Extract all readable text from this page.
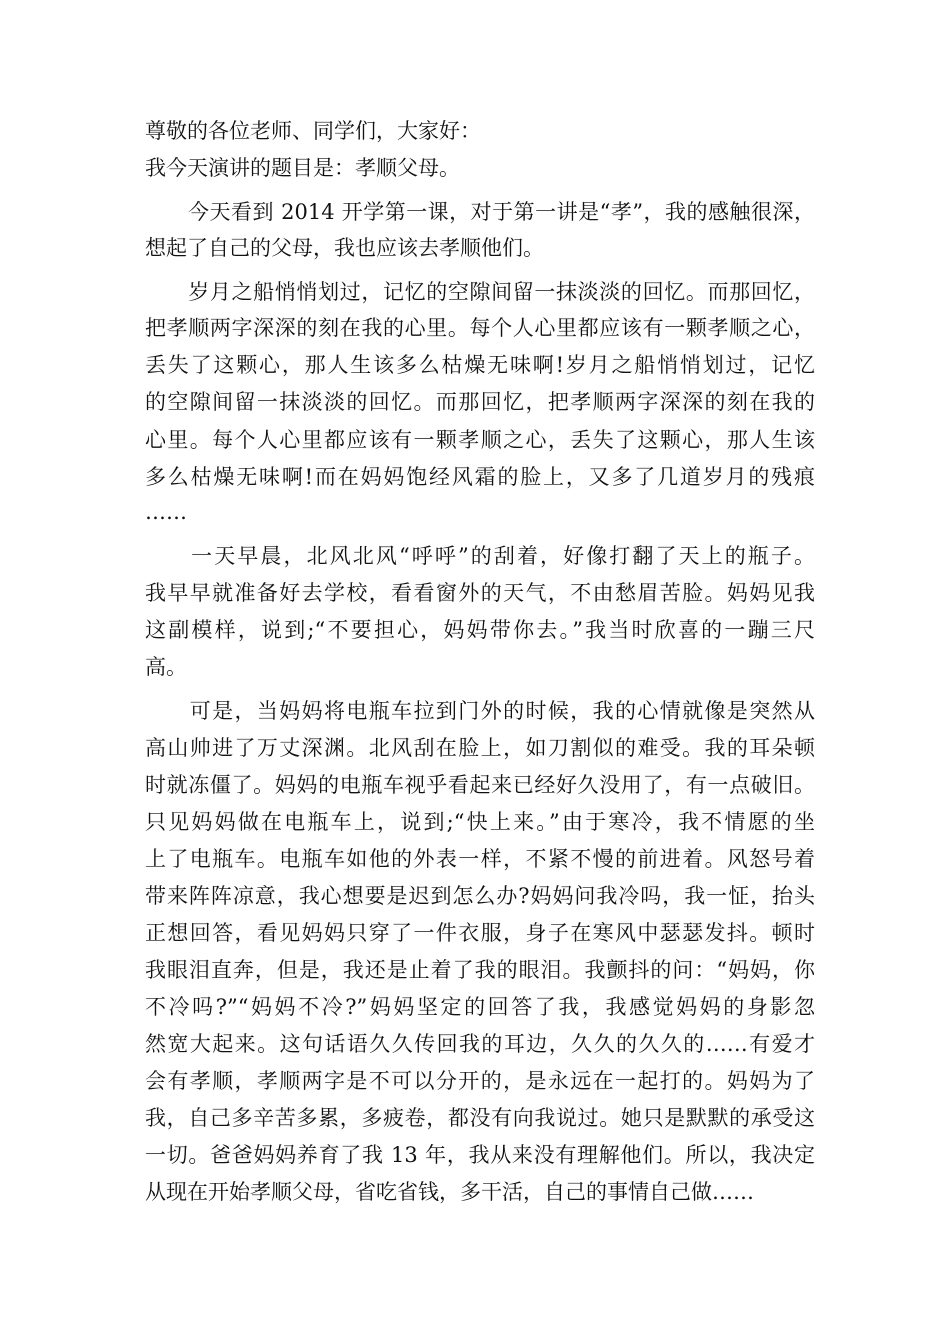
尊敬的各位老师、同学们，大家好：
我今天演讲的题目是：孝顺父母。
　　今天看到 2014 开学第一课，对于第一讲是“孝”，我的感触很深，
想起了自己的父母，我也应该去孝顺他们。
　　岁月之船悄悄划过，记忆的空隙间留一抹淡淡的回忆。而那回忆，
把孝顺两字深深的刻在我的心里。每个人心里都应该有一颗孝顺之心，
丢失了这颗心，那人生该多么枯燥无味啊!岁月之船悄悄划过，记忆
的空隙间留一抹淡淡的回忆。而那回忆，把孝顺两字深深的刻在我的
心里。每个人心里都应该有一颗孝顺之心，丢失了这颗心，那人生该
多么枯燥无味啊!而在妈妈饱经风霜的脸上，又多了几道岁月的残痕
……
　　一天早晨，北风北风“呼呼”的刮着，好像打翻了天上的瓶子。
我早早就准备好去学校，看看窗外的天气，不由愁眉苦脸。妈妈见我
这副模样，说到;“不要担心，妈妈带你去。”我当时欣喜的一蹦三尺
高。
　　可是，当妈妈将电瓶车拉到门外的时候，我的心情就像是突然从
高山帅进了万丈深渊。北风刮在脸上，如刀割似的难受。我的耳朵顿
时就冻僵了。妈妈的电瓶车视乎看起来已经好久没用了，有一点破旧。
只见妈妈做在电瓶车上，说到;“快上来。”由于寒冷，我不情愿的坐
上了电瓶车。电瓶车如他的外表一样，不紧不慢的前进着。风怒号着
带来阵阵凉意，我心想要是迟到怎么办?妈妈问我冷吗，我一怔，抬头
正想回答，看见妈妈只穿了一件衣服，身子在寒风中瑟瑟发抖。顿时
我眼泪直奔，但是，我还是止着了我的眼泪。我颤抖的问：“妈妈，你
不冷吗?”“妈妈不冷?”妈妈坚定的回答了我，我感觉妈妈的身影忽
然宽大起来。这句话语久久传回我的耳边，久久的久久的……有爱才
会有孝顺，孝顺两字是不可以分开的，是永远在一起打的。妈妈为了
我，自己多辛苦多累，多疲卷，都没有向我说过。她只是默默的承受这
一切。爸爸妈妈养育了我 13 年，我从来没有理解他们。所以，我决定
从现在开始孝顺父母，省吃省钱，多干活，自己的事情自己做……
